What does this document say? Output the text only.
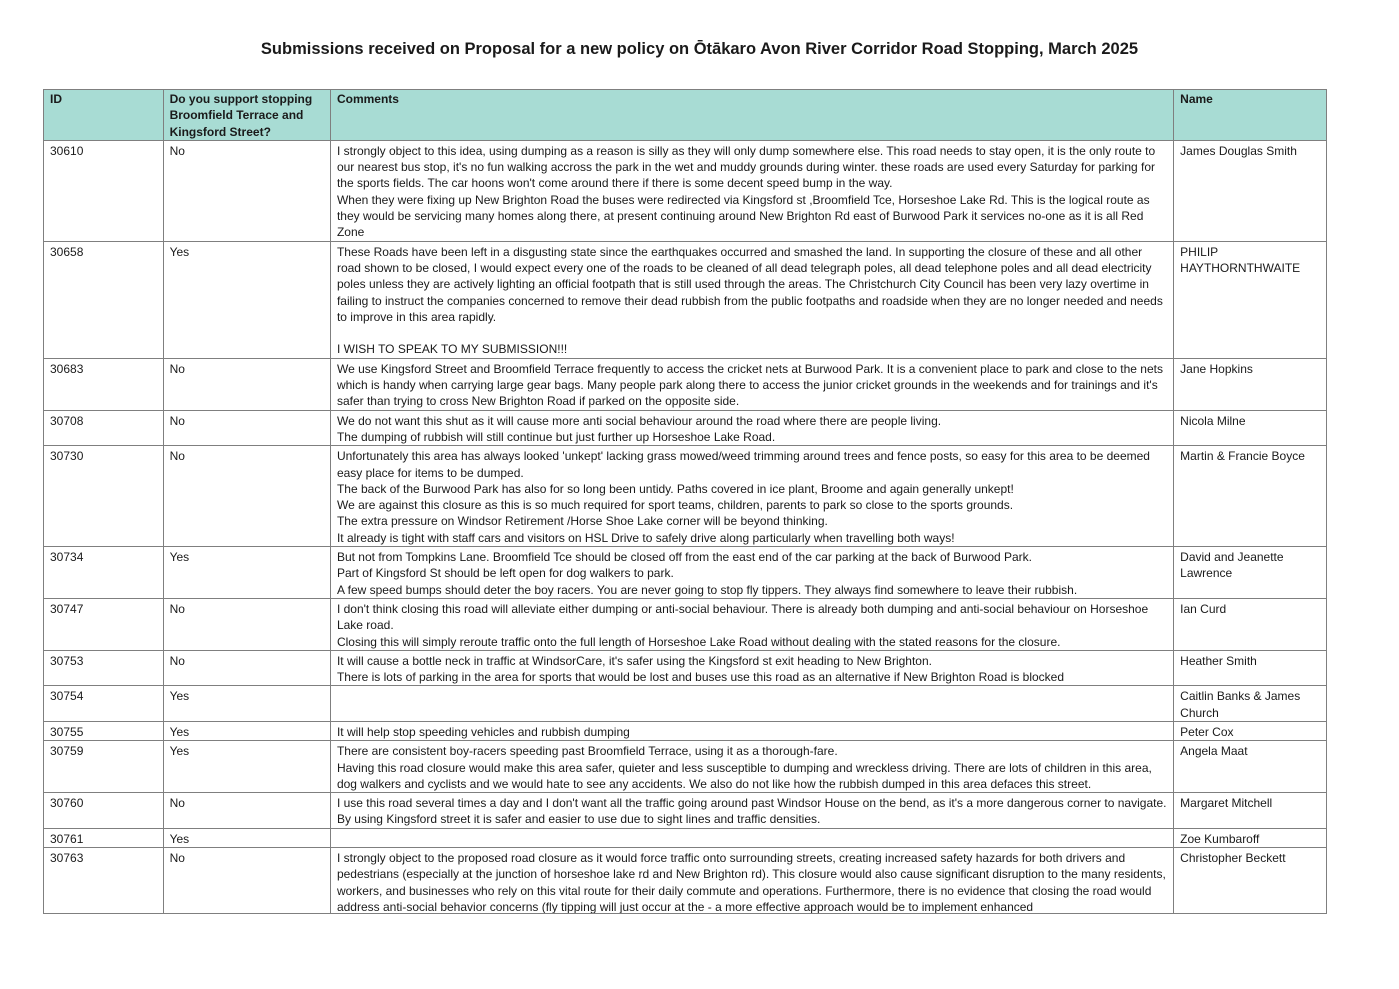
Submissions received on Proposal for a new policy on Ōtākaro Avon River Corridor Road Stopping, March 2025
ID	Do you support stopping Broomfield Terrace and Kingsford Street?	Comments	Name
30610	No	I strongly object to this idea, using dumping as a reason is silly as they will only dump somewhere else. This road needs to stay open, it is the only route to our nearest bus stop, it's no fun walking accross the park in the wet and muddy grounds during winter. these roads are used every Saturday for parking for the sports fields. The car hoons won't come around there if there is some decent speed bump in the way.
When they were fixing up New Brighton Road the buses were redirected via Kingsford st ,Broomfield Tce, Horseshoe Lake Rd. This is the logical route as they would be servicing many homes along there, at present continuing around New Brighton Rd east of Burwood Park it services no-one as it is all Red Zone	James Douglas Smith
30658	Yes	These Roads have been left in a disgusting state since the earthquakes occurred and smashed the land. In supporting the closure of these and all other road shown to be closed, I would expect every one of the roads to be cleaned of all dead telegraph poles, all dead telephone poles and all dead electricity poles unless they are actively lighting an official footpath that is still used through the areas. The Christchurch City Council has been very lazy overtime in failing to instruct the companies concerned to remove their dead rubbish from the public footpaths and roadside when they are no longer needed and needs to improve in this area rapidly.

I WISH TO SPEAK TO MY SUBMISSION!!!	PHILIP HAYTHORNTHWAITE
30683	No	We use Kingsford Street and Broomfield Terrace frequently to access the cricket nets at Burwood Park. It is a convenient place to park and close to the nets which is handy when carrying large gear bags. Many people park along there to access the junior cricket grounds in the weekends and for trainings and it's safer than trying to cross New Brighton Road if parked on the opposite side.	Jane Hopkins
30708	No	We do not want this shut as it will cause more anti social behaviour around the road where there are people living.
The dumping of rubbish will still continue but just further up Horseshoe Lake Road.	Nicola Milne
30730	No	Unfortunately this area has always looked 'unkept' lacking grass mowed/weed trimming around trees and fence posts, so easy for this area to be deemed easy place for items to be dumped.
The back of the Burwood Park has also for so long been untidy. Paths covered in ice plant, Broome and again generally unkept!
We are against this closure as this is so much required for sport teams, children, parents to park so close to the sports grounds.
The extra pressure on Windsor Retirement /Horse Shoe Lake corner will be beyond thinking.
It already is tight with staff cars and visitors on HSL Drive to safely drive along particularly when travelling both ways!	Martin & Francie Boyce
30734	Yes	But not from Tompkins Lane. Broomfield Tce should be closed off from the east end of the car parking at the back of Burwood Park.
Part of Kingsford St should be left open for dog walkers to park.
A few speed bumps should deter the boy racers. You are never going to stop fly tippers. They always find somewhere to leave their rubbish.	David and Jeanette Lawrence
30747	No	I don't think closing this road will alleviate either dumping or anti-social behaviour. There is already both dumping and anti-social behaviour on Horseshoe Lake road.
Closing this will simply reroute traffic onto the full length of Horseshoe Lake Road without dealing with the stated reasons for the closure.	Ian Curd
30753	No	It will cause a bottle neck in traffic at WindsorCare, it's safer using the Kingsford st exit heading to New Brighton.
There is lots of parking in the area for sports that would be lost and buses use this road as an alternative if New Brighton Road is blocked	Heather Smith
30754	Yes		Caitlin Banks & James Church
30755	Yes	It will help stop speeding vehicles and rubbish dumping	Peter Cox
30759	Yes	There are consistent boy-racers speeding past Broomfield Terrace, using it as a thorough-fare.
Having this road closure would make this area safer, quieter and less susceptible to dumping and wreckless driving. There are lots of children in this area, dog walkers and cyclists and we would hate to see any accidents. We also do not like how the rubbish dumped in this area defaces this street.	Angela Maat
30760	No	I use this road several times a day and I don't want all the traffic going around past Windsor House on the bend, as it's a more dangerous corner to navigate.
By using Kingsford street it is safer and easier to use due to sight lines and traffic densities.	Margaret Mitchell
30761	Yes		Zoe Kumbaroff
30763	No	I strongly object to the proposed road closure as it would force traffic onto surrounding streets, creating increased safety hazards for both drivers and pedestrians (especially at the junction of horseshoe lake rd and New Brighton rd). This closure would also cause significant disruption to the many residents, workers, and businesses who rely on this vital route for their daily commute and operations. Furthermore, there is no evidence that closing the road would address anti-social behavior concerns (fly tipping will just occur at the - a more effective approach would be to implement enhanced	Christopher Beckett
